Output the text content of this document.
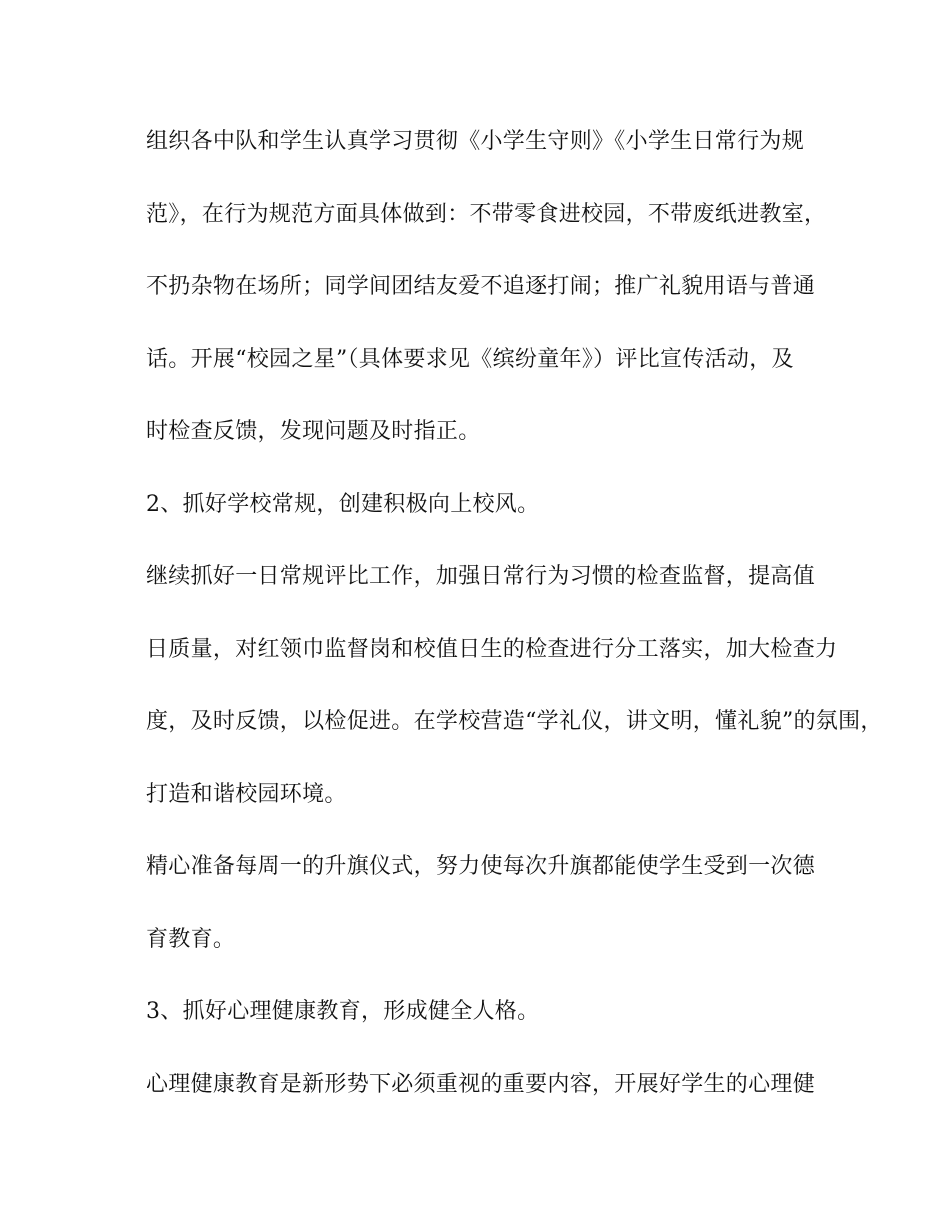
组织各中队和学生认真学习贯彻《小学生守则》《小学生日常行为规
范》，在行为规范方面具体做到：不带零食进校园，不带废纸进教室，
不扔杂物在场所；同学间团结友爱不追逐打闹；推广礼貌用语与普通
话。开展“校园之星”（具体要求见《缤纷童年》）评比宣传活动，及
时检查反馈，发现问题及时指正。
2、抓好学校常规，创建积极向上校风。
继续抓好一日常规评比工作，加强日常行为习惯的检查监督，提高值
日质量，对红领巾监督岗和校值日生的检查进行分工落实，加大检查力
度，及时反馈，以检促进。在学校营造“学礼仪，讲文明，懂礼貌”的氛围，
打造和谐校园环境。
精心准备每周一的升旗仪式，努力使每次升旗都能使学生受到一次德
育教育。
3、抓好心理健康教育，形成健全人格。
心理健康教育是新形势下必须重视的重要内容，开展好学生的心理健
